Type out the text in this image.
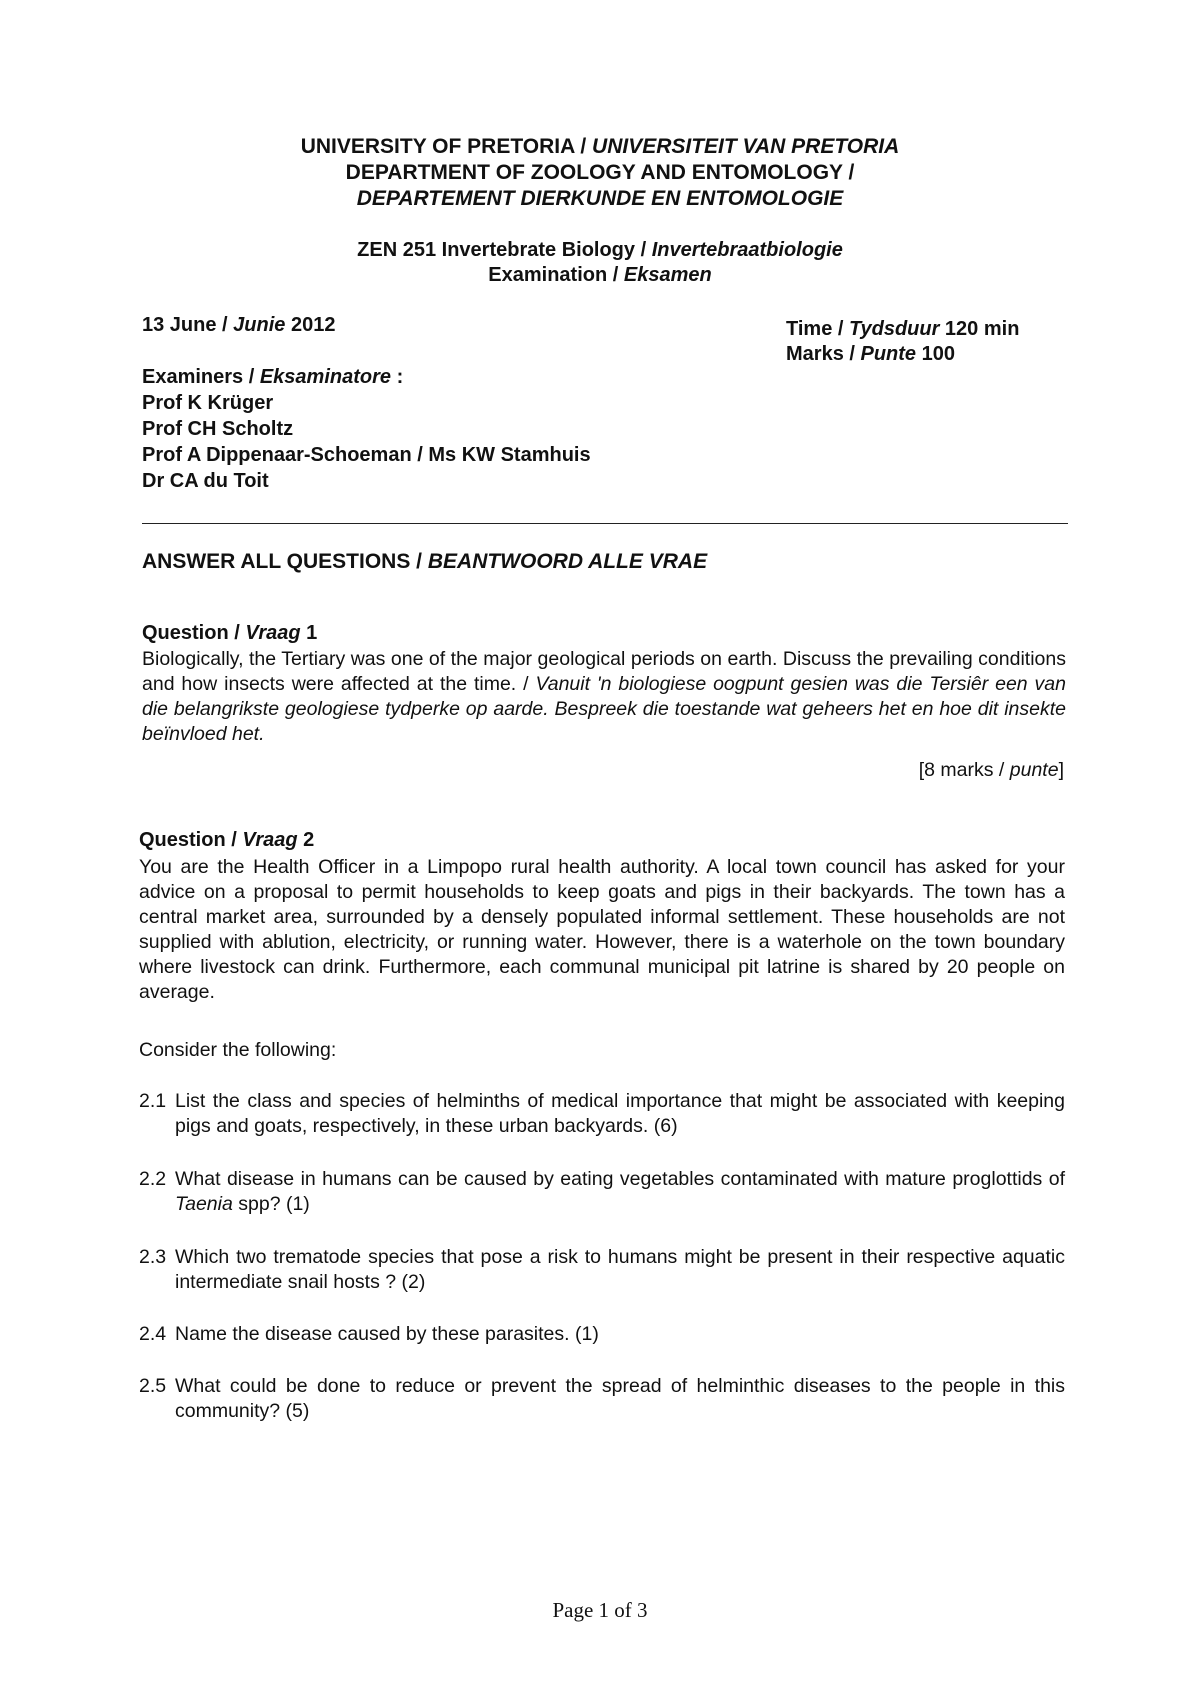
UNIVERSITY OF PRETORIA / UNIVERSITEIT VAN PRETORIA
DEPARTMENT OF ZOOLOGY AND ENTOMOLOGY /
DEPARTEMENT DIERKUNDE EN ENTOMOLOGIE
ZEN 251 Invertebrate Biology / Invertebraatbiologie
Examination / Eksamen
13 June / Junie 2012	Time / Tydsduur 120 min
Marks / Punte 100
Examiners / Eksaminatore :
Prof K Krüger
Prof CH Scholtz
Prof A Dippenaar-Schoeman / Ms KW Stamhuis
Dr CA du Toit
ANSWER ALL QUESTIONS / BEANTWOORD ALLE VRAE
Question / Vraag 1
Biologically, the Tertiary was one of the major geological periods on earth. Discuss the prevailing conditions and how insects were affected at the time. / Vanuit 'n biologiese oogpunt gesien was die Tersiêr een van die belangrikste geologiese tydperke op aarde. Bespreek die toestande wat geheers het en hoe dit insekte beïnvloed het.
[8 marks / punte]
Question / Vraag 2
You are the Health Officer in a Limpopo rural health authority. A local town council has asked for your advice on a proposal to permit households to keep goats and pigs in their backyards. The town has a central market area, surrounded by a densely populated informal settlement. These households are not supplied with ablution, electricity, or running water. However, there is a waterhole on the town boundary where livestock can drink. Furthermore, each communal municipal pit latrine is shared by 20 people on average.
Consider the following:
2.1 List the class and species of helminths of medical importance that might be associated with keeping pigs and goats, respectively, in these urban backyards. (6)
2.2 What disease in humans can be caused by eating vegetables contaminated with mature proglottids of Taenia spp? (1)
2.3 Which two trematode species that pose a risk to humans might be present in their respective aquatic intermediate snail hosts ? (2)
2.4 Name the disease caused by these parasites. (1)
2.5 What could be done to reduce or prevent the spread of helminthic diseases to the people in this community? (5)
Page 1 of 3
